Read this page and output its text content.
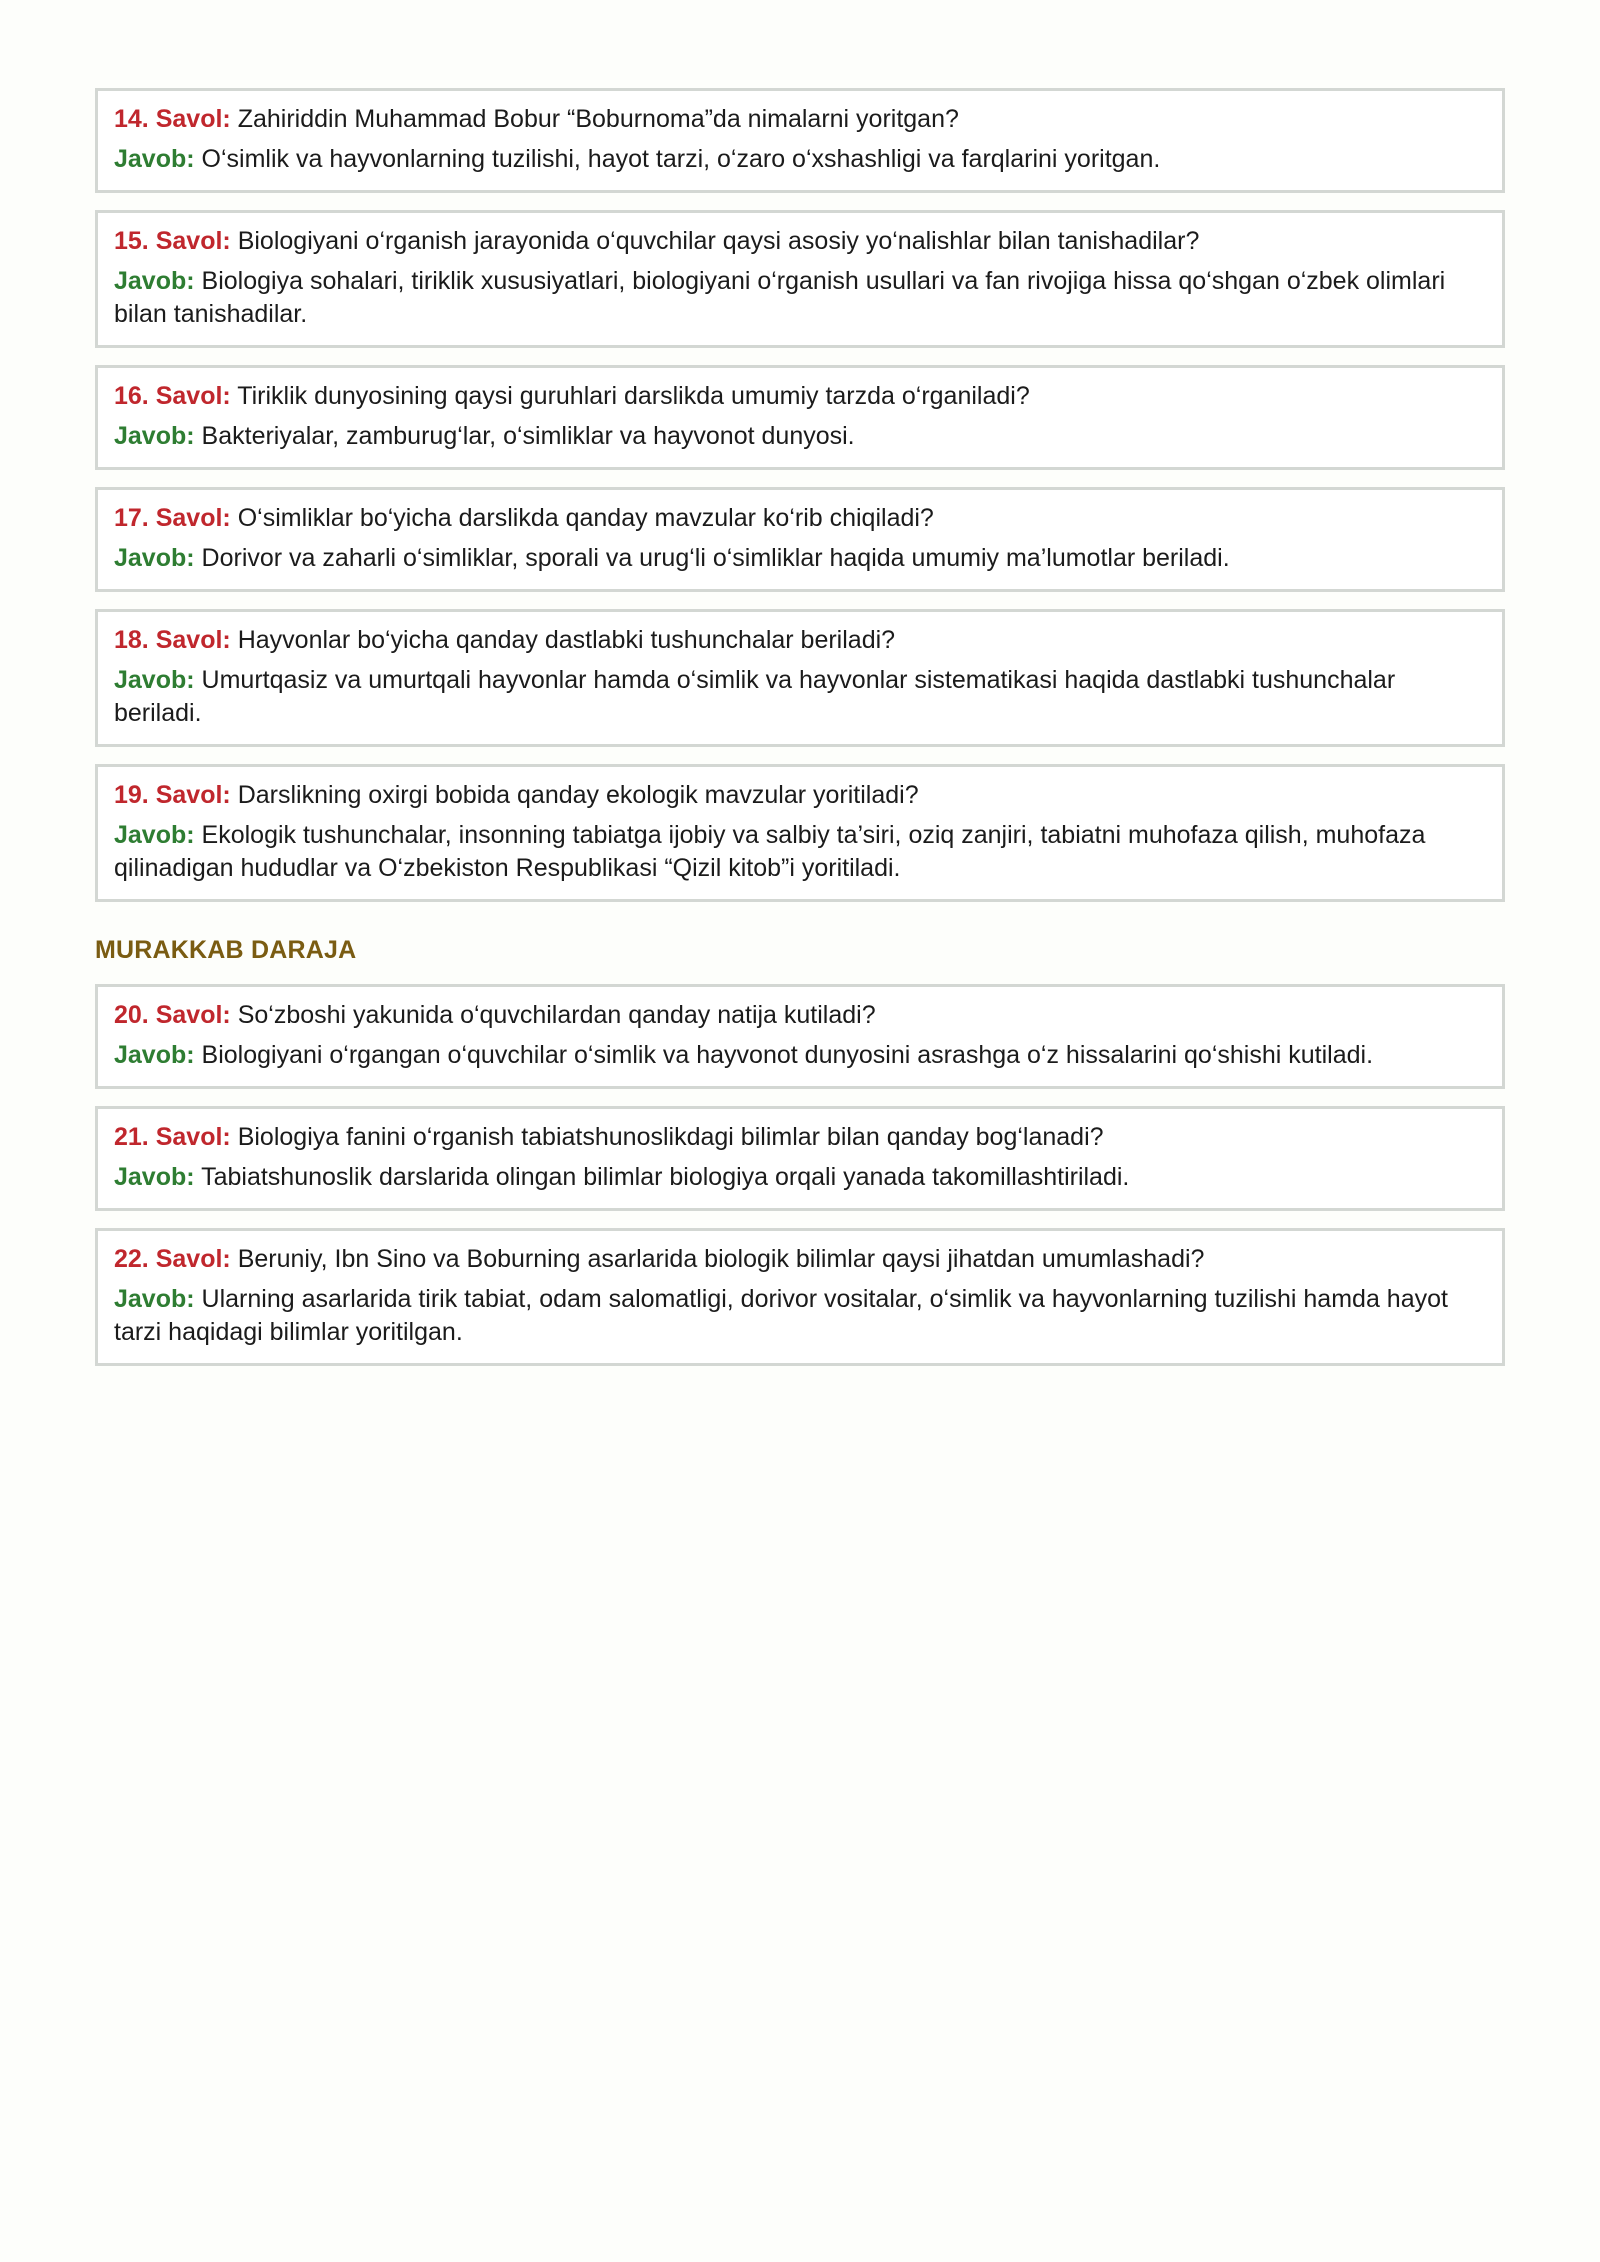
14. Savol: Zahiriddin Muhammad Bobur “Boburnoma”da nimalarni yoritgan?

Javob: O‘simlik va hayvonlarning tuzilishi, hayot tarzi, o‘zaro o‘xshashligi va farqlarini yoritgan.

15. Savol: Biologiyani o‘rganish jarayonida o‘quvchilar qaysi asosiy yo‘nalishlar bilan tanishadilar?

Javob: Biologiya sohalari, tiriklik xususiyatlari, biologiyani o‘rganish usullari va fan rivojiga hissa qo‘shgan o‘zbek olimlari bilan tanishadilar.

16. Savol: Tiriklik dunyosining qaysi guruhlari darslikda umumiy tarzda o‘rganiladi?

Javob: Bakteriyalar, zamburug‘lar, o‘simliklar va hayvonot dunyosi.

17. Savol: O‘simliklar bo‘yicha darslikda qanday mavzular ko‘rib chiqiladi?

Javob: Dorivor va zaharli o‘simliklar, sporali va urug‘li o‘simliklar haqida umumiy ma’lumotlar beriladi.

18. Savol: Hayvonlar bo‘yicha qanday dastlabki tushunchalar beriladi?

Javob: Umurtqasiz va umurtqali hayvonlar hamda o‘simlik va hayvonlar sistematikasi haqida dastlabki tushunchalar beriladi.

19. Savol: Darslikning oxirgi bobida qanday ekologik mavzular yoritiladi?

Javob: Ekologik tushunchalar, insonning tabiatga ijobiy va salbiy ta’siri, oziq zanjiri, tabiatni muhofaza qilish, muhofaza qilinadigan hududlar va O‘zbekiston Respublikasi “Qizil kitob”i yoritiladi.

MURAKKAB DARAJA

20. Savol: So‘zboshi yakunida o‘quvchilardan qanday natija kutiladi?

Javob: Biologiyani o‘rgangan o‘quvchilar o‘simlik va hayvonot dunyosini asrashga o‘z hissalarini qo‘shishi kutiladi.

21. Savol: Biologiya fanini o‘rganish tabiatshunoslikdagi bilimlar bilan qanday bog‘lanadi?

Javob: Tabiatshunoslik darslarida olingan bilimlar biologiya orqali yanada takomillashtiriladi.

22. Savol: Beruniy, Ibn Sino va Boburning asarlarida biologik bilimlar qaysi jihatdan umumlashadi?

Javob: Ularning asarlarida tirik tabiat, odam salomatligi, dorivor vositalar, o‘simlik va hayvonlarning tuzilishi hamda hayot tarzi haqidagi bilimlar yoritilgan.
